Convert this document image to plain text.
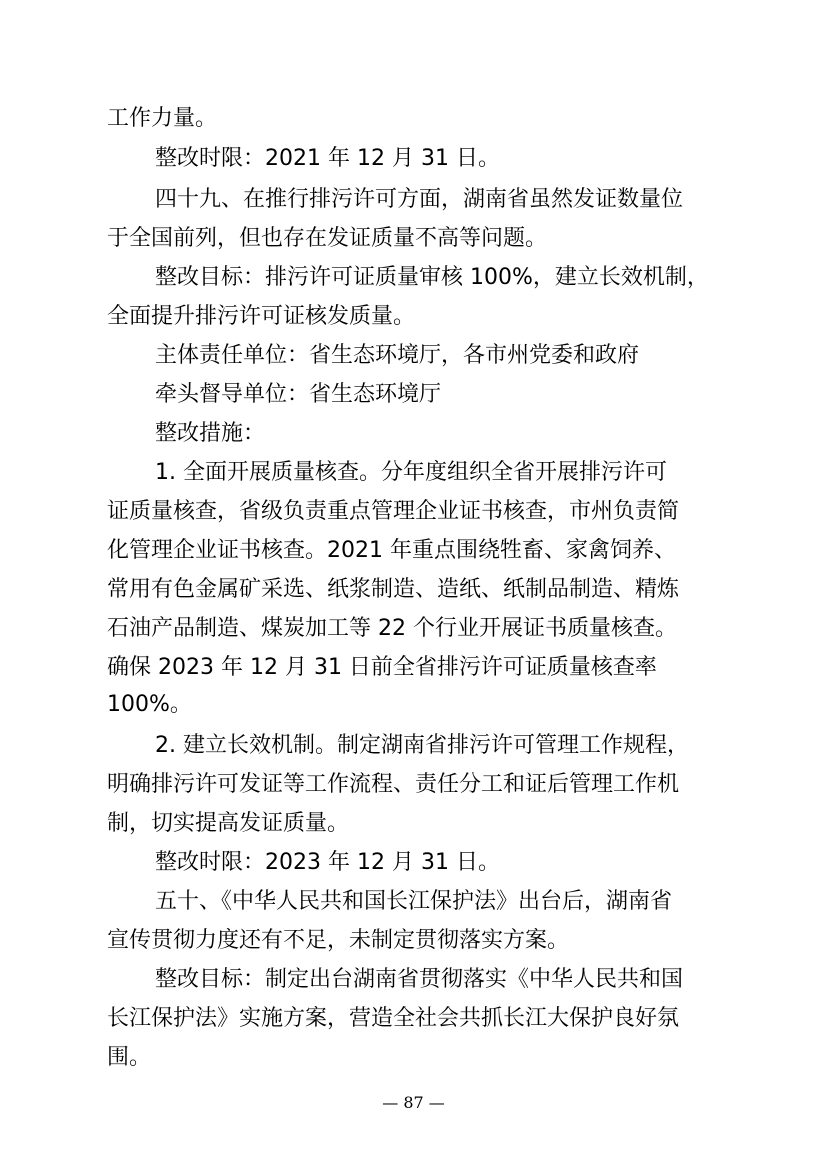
工作力量。
整改时限：2021 年 12 月 31 日。
四十九、在推行排污许可方面，湖南省虽然发证数量位
于全国前列，但也存在发证质量不高等问题。
整改目标：排污许可证质量审核 100%，建立长效机制，
全面提升排污许可证核发质量。
主体责任单位：省生态环境厅，各市州党委和政府
牵头督导单位：省生态环境厅
整改措施：
1. 全面开展质量核查。分年度组织全省开展排污许可
证质量核查，省级负责重点管理企业证书核查，市州负责简
化管理企业证书核查。2021 年重点围绕牲畜、家禽饲养、
常用有色金属矿采选、纸浆制造、造纸、纸制品制造、精炼
石油产品制造、煤炭加工等 22 个行业开展证书质量核查。
确保 2023 年 12 月 31 日前全省排污许可证质量核查率
100%。
2. 建立长效机制。制定湖南省排污许可管理工作规程，
明确排污许可发证等工作流程、责任分工和证后管理工作机
制，切实提高发证质量。
整改时限：2023 年 12 月 31 日。
五十、《中华人民共和国长江保护法》出台后，湖南省
宣传贯彻力度还有不足，未制定贯彻落实方案。
整改目标：制定出台湖南省贯彻落实《中华人民共和国
长江保护法》实施方案，营造全社会共抓长江大保护良好氛
围。
— 87 —
